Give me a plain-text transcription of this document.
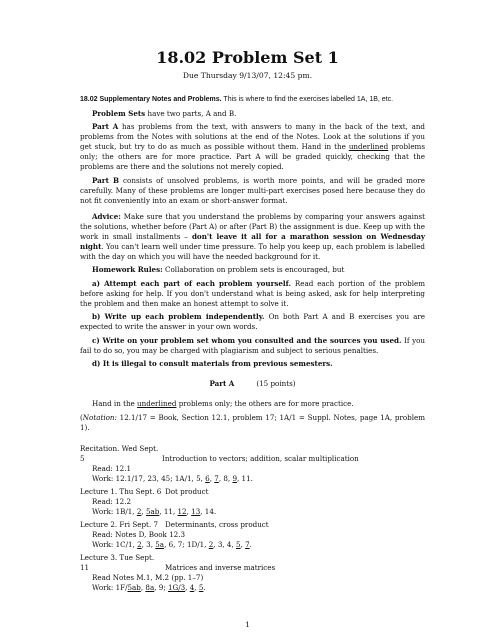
18.02 Problem Set 1
Due Thursday 9/13/07, 12:45 pm.

18.02 Supplementary Notes and Problems. This is where to find the exercises labelled 1A, 1B, etc.

Problem Sets have two parts, A and B.

Part A has problems from the text, with answers to many in the back of the text, and problems from the Notes with solutions at the end of the Notes. Look at the solutions if you get stuck, but try to do as much as possible without them. Hand in the underlined problems only; the others are for more practice. Part A will be graded quickly, checking that the problems are there and the solutions not merely copied.

Part B consists of unsolved problems, is worth more points, and will be graded more carefully. Many of these problems are longer multi-part exercises posed here because they do not fit conveniently into an exam or short-answer format.

Advice: Make sure that you understand the problems by comparing your answers against the solutions, whether before (Part A) or after (Part B) the assignment is due. Keep up with the work in small installments – don't leave it all for a marathon session on Wednesday night. You can't learn well under time pressure. To help you keep up, each problem is labelled with the day on which you will have the needed background for it.

Homework Rules: Collaboration on problem sets is encouraged, but

a) Attempt each part of each problem yourself. Read each portion of the problem before asking for help. If you don't understand what is being asked, ask for help interpreting the problem and then make an honest attempt to solve it.

b) Write up each problem independently. On both Part A and B exercises you are expected to write the answer in your own words.

c) Write on your problem set whom you consulted and the sources you used. If you fail to do so, you may be charged with plagiarism and subject to serious penalties.

d) It is illegal to consult materials from previous semesters.

Part A	(15 points)

Hand in the underlined problems only; the others are for more practice.

(Notation: 12.1/17 = Book, Section 12.1, problem 17; 1A/1 = Suppl. Notes, page 1A, problem 1).

Recitation. Wed Sept. 5	Introduction to vectors; addition, scalar multiplication
Read: 12.1
Work: 12.1/17, 23, 45; 1A/1, 5, 6, 7, 8, 9, 11.

Lecture 1. Thu Sept. 6 Dot product
Read: 12.2
Work: 1B/1, 2, 5ab, 11, 12, 13, 14.

Lecture 2. Fri Sept. 7 Determinants, cross product
Read: Notes D, Book 12.3
Work: 1C/1, 2, 3, 5a, 6, 7; 1D/1, 2, 3, 4, 5, 7.

Lecture 3. Tue Sept. 11	Matrices and inverse matrices
Read Notes M.1, M.2 (pp. 1–7)
Work: 1F/5ab, 8a, 9; 1G/3, 4, 5.

1
